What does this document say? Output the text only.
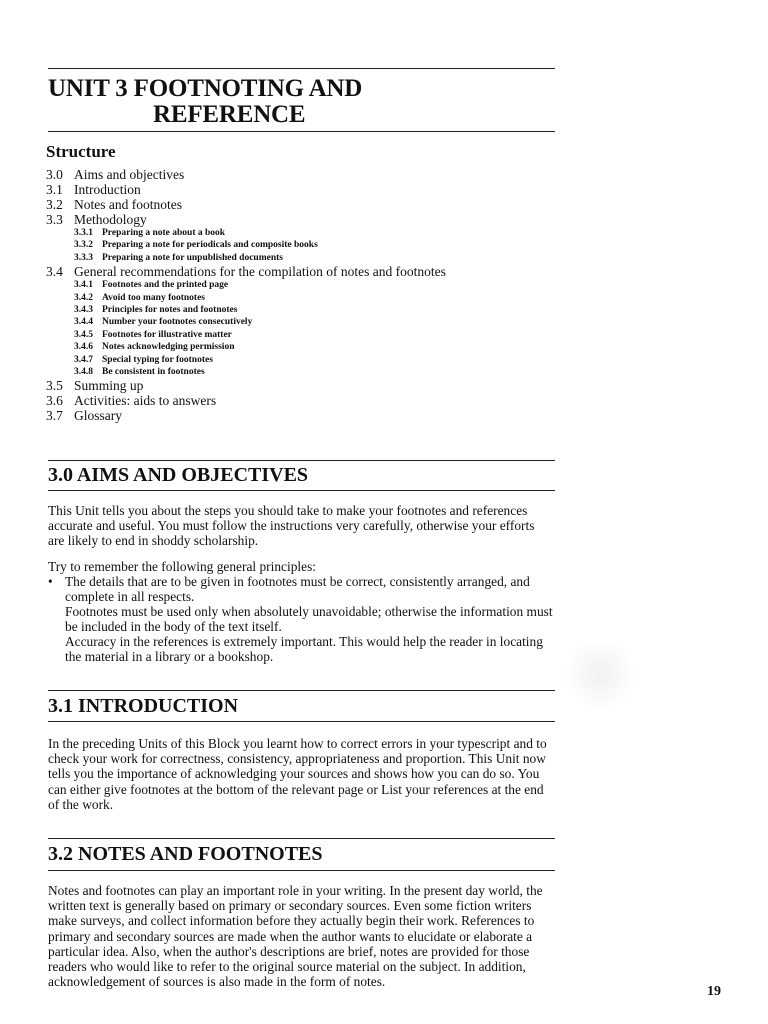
UNIT 3 FOOTNOTING AND
REFERENCE
Structure
3.0 Aims and objectives
3.1 Introduction
3.2 Notes and footnotes
3.3 Methodology
3.3.1 Preparing a note about a book
3.3.2 Preparing a note for periodicals and composite books
3.3.3 Preparing a note for unpublished documents
3.4 General recommendations for the compilation of notes and footnotes
3.4.1 Footnotes and the printed page
3.4.2 Avoid too many footnotes
3.4.3 Principles for notes and footnotes
3.4.4 Number your footnotes consecutively
3.4.5 Footnotes for illustrative matter
3.4.6 Notes acknowledging permission
3.4.7 Special typing for footnotes
3.4.8 Be consistent in footnotes
3.5 Summing up
3.6 Activities: aids to answers
3.7 Glossary
3.0 AIMS AND OBJECTIVES
This Unit tells you about the steps you should take to make your footnotes and references accurate and useful. You must follow the instructions very carefully, otherwise your efforts are likely to end in shoddy scholarship.
Try to remember the following general principles:
• The details that are to be given in footnotes must be correct, consistently arranged, and complete in all respects.
Footnotes must be used only when absolutely unavoidable; otherwise the information must be included in the body of the text itself.
Accuracy in the references is extremely important. This would help the reader in locating the material in a library or a bookshop.
3.1 INTRODUCTION
In the preceding Units of this Block you learnt how to correct errors in your typescript and to check your work for correctness, consistency, appropriateness and proportion. This Unit now tells you the importance of acknowledging your sources and shows how you can do so. You can either give footnotes at the bottom of the relevant page or List your references at the end of the work.
3.2 NOTES AND FOOTNOTES
Notes and footnotes can play an important role in your writing. In the present day world, the written text is generally based on primary or secondary sources. Even some fiction writers make surveys, and collect information before they actually begin their work. References to primary and secondary sources are made when the author wants to elucidate or elaborate a particular idea. Also, when the author's descriptions are brief, notes are provided for those readers who would like to refer to the original source material on the subject. In addition, acknowledgement of sources is also made in the form of notes.
19
